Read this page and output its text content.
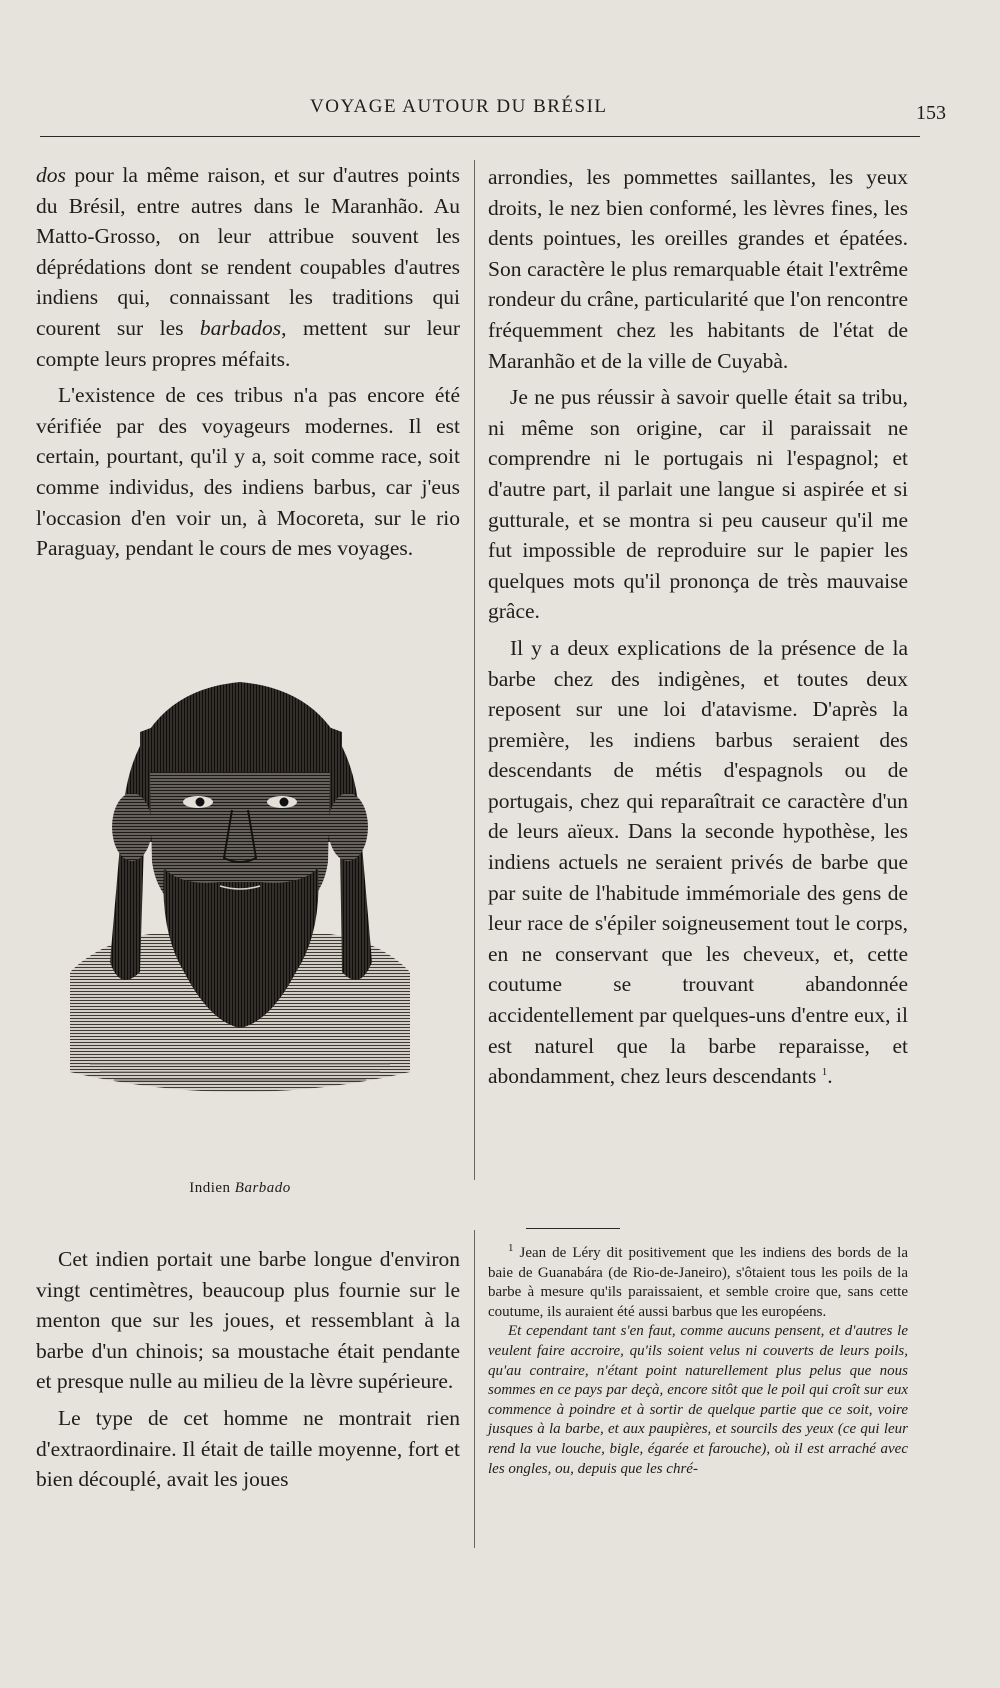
VOYAGE AUTOUR DU BRÉSIL	153

dos pour la même raison, et sur d'autres points du Brésil, entre autres dans le Maranhão. Au Matto-Grosso, on leur attribue souvent les déprédations dont se rendent coupables d'autres indiens qui, connaissant les traditions qui courent sur les barbados, mettent sur leur compte leurs propres méfaits.

L'existence de ces tribus n'a pas encore été vérifiée par des voyageurs modernes. Il est certain, pourtant, qu'il y a, soit comme race, soit comme individus, des indiens barbus, car j'eus l'occasion d'en voir un, à Mocoreta, sur le rio Paraguay, pendant le cours de mes voyages.

Indien Barbado

Cet indien portait une barbe longue d'environ vingt centimètres, beaucoup plus fournie sur le menton que sur les joues, et ressemblant à la barbe d'un chinois; sa moustache était pendante et presque nulle au milieu de la lèvre supérieure.

Le type de cet homme ne montrait rien d'extraordinaire. Il était de taille moyenne, fort et bien découplé, avait les joues

arrondies, les pommettes saillantes, les yeux droits, le nez bien conformé, les lèvres fines, les dents pointues, les oreilles grandes et épatées. Son caractère le plus remarquable était l'extrême rondeur du crâne, particularité que l'on rencontre fréquemment chez les habitants de l'état de Maranhão et de la ville de Cuyabà.

Je ne pus réussir à savoir quelle était sa tribu, ni même son origine, car il paraissait ne comprendre ni le portugais ni l'espagnol; et d'autre part, il parlait une langue si aspirée et si gutturale, et se montra si peu causeur qu'il me fut impossible de reproduire sur le papier les quelques mots qu'il prononça de très mauvaise grâce.

Il y a deux explications de la présence de la barbe chez des indigènes, et toutes deux reposent sur une loi d'atavisme. D'après la première, les indiens barbus seraient des descendants de métis d'espagnols ou de portugais, chez qui reparaîtrait ce caractère d'un de leurs aïeux. Dans la seconde hypothèse, les indiens actuels ne seraient privés de barbe que par suite de l'habitude immémoriale des gens de leur race de s'épiler soigneusement tout le corps, en ne conservant que les cheveux, et, cette coutume se trouvant abandonnée accidentellement par quelques-uns d'entre eux, il est naturel que la barbe reparaisse, et abondamment, chez leurs descendants $^1$.

$^1$ Jean de Léry dit positivement que les indiens des bords de la baie de Guanabára (de Rio-de-Janeiro), s'ôtaient tous les poils de la barbe à mesure qu'ils paraissaient, et semble croire que, sans cette coutume, ils auraient été aussi barbus que les européens.

Et cependant tant s'en faut, comme aucuns pensent, et d'autres le veulent faire accroire, qu'ils soient velus ni couverts de leurs poils, qu'au contraire, n'étant point naturellement plus pelus que nous sommes en ce pays par deçà, encore sitôt que le poil qui croît sur eux commence à poindre et à sortir de quelque partie que ce soit, voire jusques à la barbe, et aux paupières, et sourcils des yeux (ce qui leur rend la vue louche, bigle, égarée et farouche), où il est arraché avec les ongles, ou, depuis que les chré-
